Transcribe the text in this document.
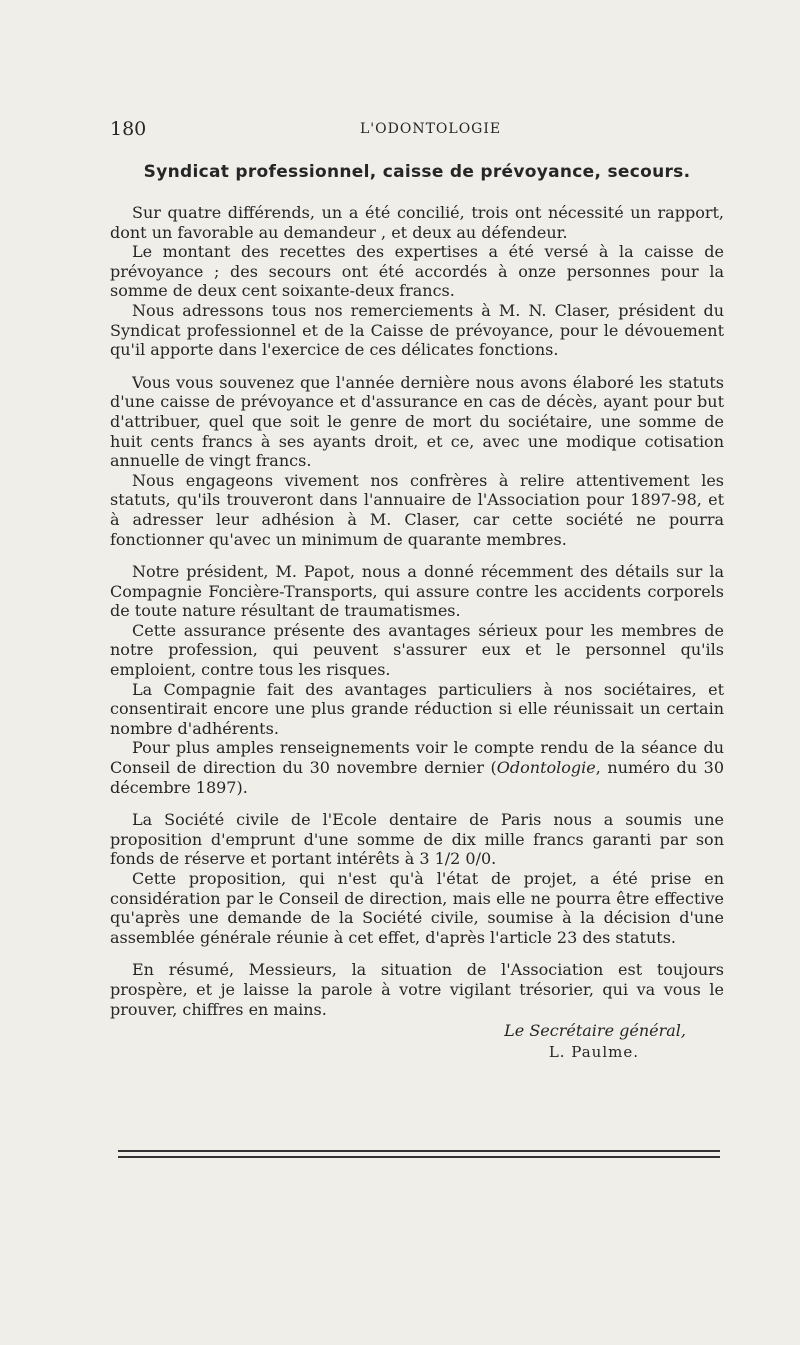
180	L'ODONTOLOGIE
Syndicat professionnel, caisse de prévoyance, secours.

Sur quatre différends, un a été concilié, trois ont nécessité un rapport, dont un favorable au demandeur , et deux au défendeur.

Le montant des recettes des expertises a été versé à la caisse de prévoyance ; des secours ont été accordés à onze personnes pour la somme de deux cent soixante-deux francs.

Nous adressons tous nos remerciements à M. N. Claser, président du Syndicat professionnel et de la Caisse de prévoyance, pour le dévouement qu'il apporte dans l'exercice de ces délicates fonctions.

Vous vous souvenez que l'année dernière nous avons élaboré les statuts d'une caisse de prévoyance et d'assurance en cas de décès, ayant pour but d'attribuer, quel que soit le genre de mort du sociétaire, une somme de huit cents francs à ses ayants droit, et ce, avec une modique cotisation annuelle de vingt francs.

Nous engageons vivement nos confrères à relire attentivement les statuts, qu'ils trouveront dans l'annuaire de l'Association pour 1897-98, et à adresser leur adhésion à M. Claser, car cette société ne pourra fonctionner qu'avec un minimum de quarante membres.

Notre président, M. Papot, nous a donné récemment des détails sur la Compagnie Foncière-Transports, qui assure contre les accidents corporels de toute nature résultant de traumatismes.

Cette assurance présente des avantages sérieux pour les membres de notre profession, qui peuvent s'assurer eux et le personnel qu'ils emploient, contre tous les risques.

La Compagnie fait des avantages particuliers à nos sociétaires, et consentirait encore une plus grande réduction si elle réunissait un certain nombre d'adhérents.

Pour plus amples renseignements voir le compte rendu de la séance du Conseil de direction du 30 novembre dernier (Odontologie, numéro du 30 décembre 1897).

La Société civile de l'Ecole dentaire de Paris nous a soumis une proposition d'emprunt d'une somme de dix mille francs garanti par son fonds de réserve et portant intérêts à 3 1/2 0/0.

Cette proposition, qui n'est qu'à l'état de projet, a été prise en considération par le Conseil de direction, mais elle ne pourra être effective qu'après une demande de la Société civile, soumise à la décision d'une assemblée générale réunie à cet effet, d'après l'article 23 des statuts.

En résumé, Messieurs, la situation de l'Association est toujours prospère, et je laisse la parole à votre vigilant trésorier, qui va vous le prouver, chiffres en mains.

Le Secrétaire général,
L. Paulme.
